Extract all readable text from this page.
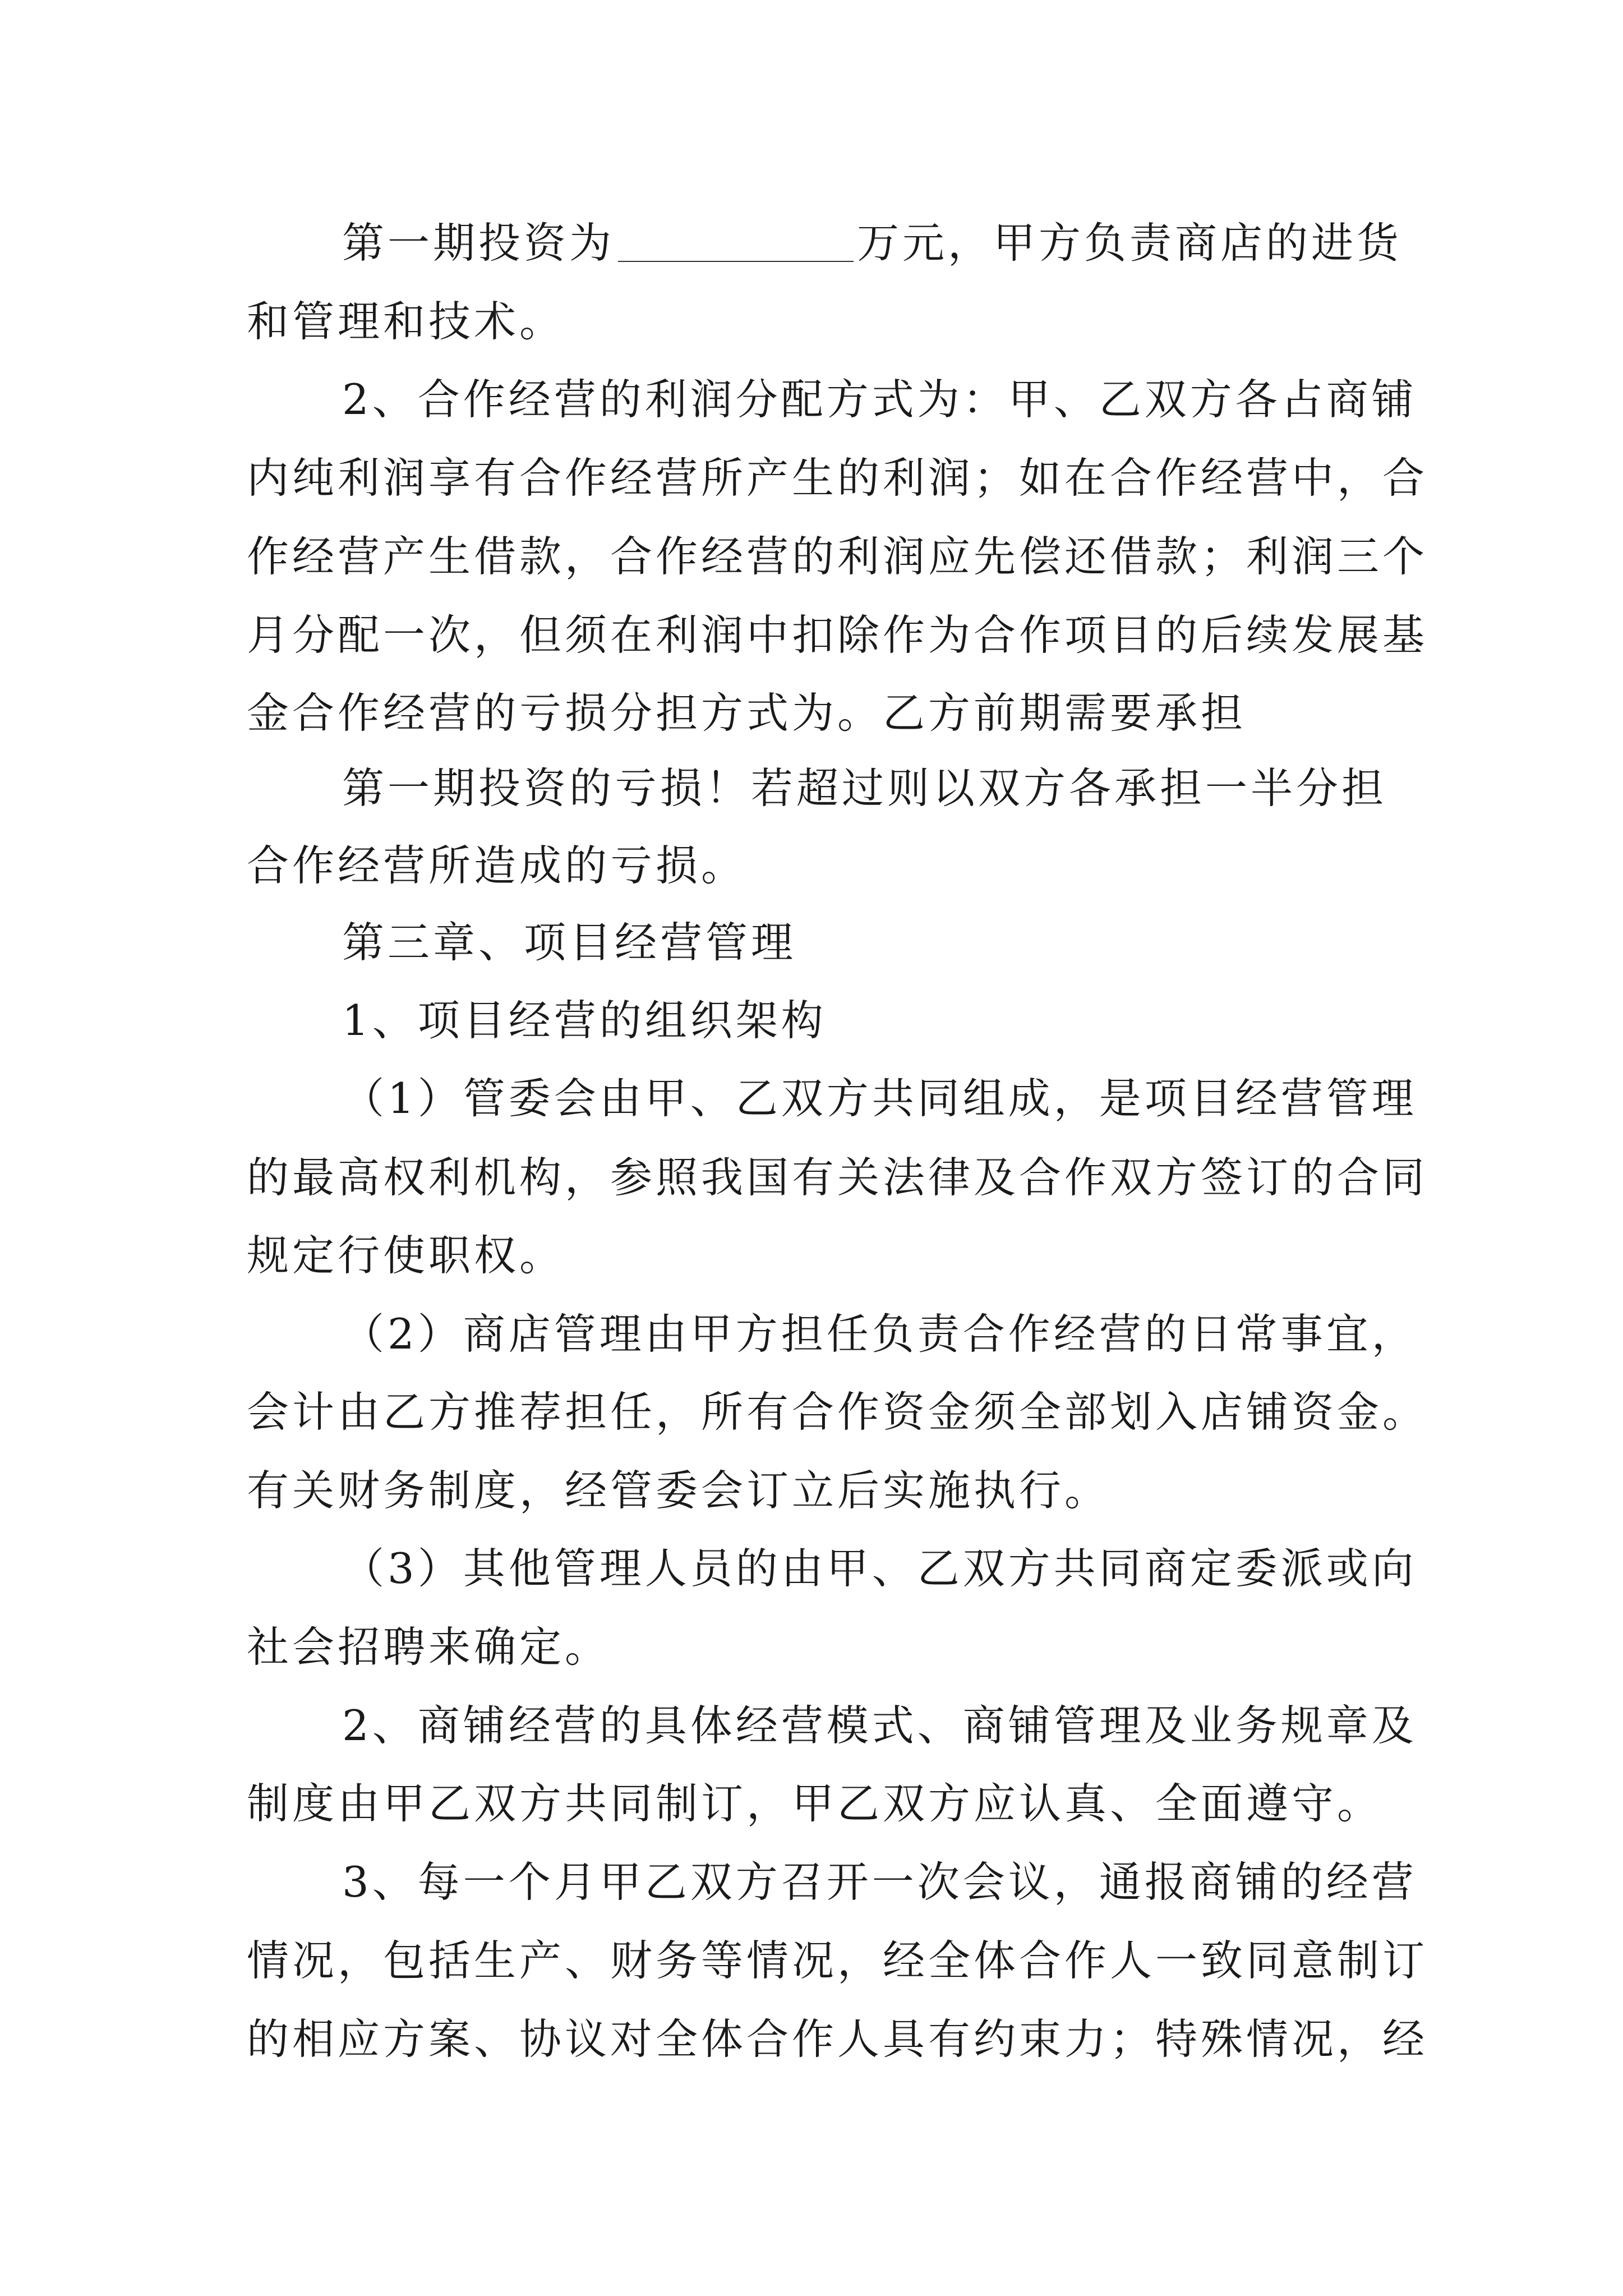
第一期投资为	万元，甲方负责商店的进货
和管理和技术。
2、合作经营的利润分配方式为：甲、乙双方各占商铺
内纯利润享有合作经营所产生的利润；如在合作经营中，合
作经营产生借款，合作经营的利润应先偿还借款；利润三个
月分配一次，但须在利润中扣除作为合作项目的后续发展基
金合作经营的亏损分担方式为。乙方前期需要承担
第一期投资的亏损！若超过则以双方各承担一半分担
合作经营所造成的亏损。
第三章、项目经营管理
1、项目经营的组织架构
（1）管委会由甲、乙双方共同组成，是项目经营管理
的最高权利机构，参照我国有关法律及合作双方签订的合同
规定行使职权。
（2）商店管理由甲方担任负责合作经营的日常事宜，
会计由乙方推荐担任，所有合作资金须全部划入店铺资金。
有关财务制度，经管委会订立后实施执行。
（3）其他管理人员的由甲、乙双方共同商定委派或向
社会招聘来确定。
2、商铺经营的具体经营模式、商铺管理及业务规章及
制度由甲乙双方共同制订，甲乙双方应认真、全面遵守。
3、每一个月甲乙双方召开一次会议，通报商铺的经营
情况，包括生产、财务等情况，经全体合作人一致同意制订
的相应方案、协议对全体合作人具有约束力；特殊情况，经
